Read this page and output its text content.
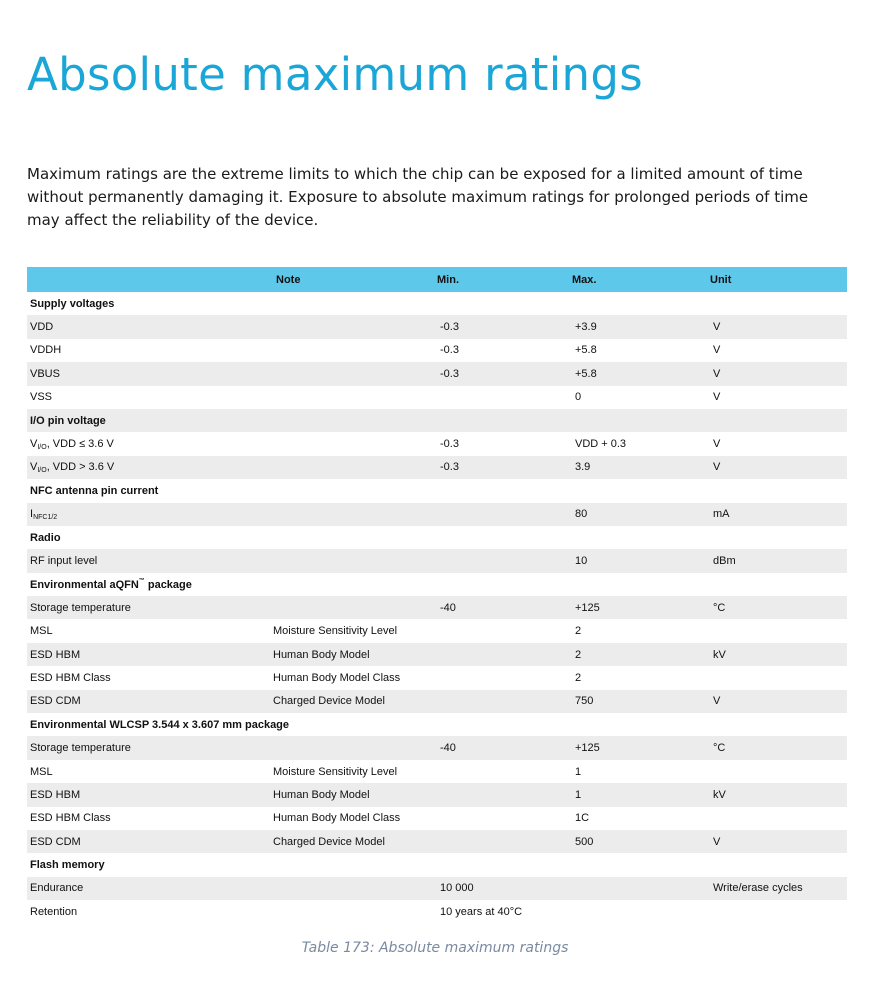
Absolute maximum ratings

Maximum ratings are the extreme limits to which the chip can be exposed for a limited amount of time without permanently damaging it. Exposure to absolute maximum ratings for prolonged periods of time may affect the reliability of the device.

	Note	Min.	Max.	Unit
Supply voltages				
VDD		-0.3	+3.9	V
VDDH		-0.3	+5.8	V
VBUS		-0.3	+5.8	V
VSS			0	V
I/O pin voltage				
$V_{I/O}$, VDD ≤ 3.6 V		-0.3	VDD + 0.3	V
$V_{I/O}$, VDD > 3.6 V		-0.3	3.9	V
NFC antenna pin current				
$I_{NFC1/2}$			80	mA
Radio				
RF input level			10	dBm
Environmental aQFN™ package				
Storage temperature		-40	+125	°C
MSL	Moisture Sensitivity Level		2	
ESD HBM	Human Body Model		2	kV
ESD HBM Class	Human Body Model Class		2	
ESD CDM	Charged Device Model		750	V
Environmental WLCSP 3.544 x 3.607 mm package				
Storage temperature		-40	+125	°C
MSL	Moisture Sensitivity Level		1	
ESD HBM	Human Body Model		1	kV
ESD HBM Class	Human Body Model Class		1C	
ESD CDM	Charged Device Model		500	V
Flash memory				
Endurance		10 000		Write/erase cycles
Retention		10 years at 40°C		
Table 173: Absolute maximum ratings
